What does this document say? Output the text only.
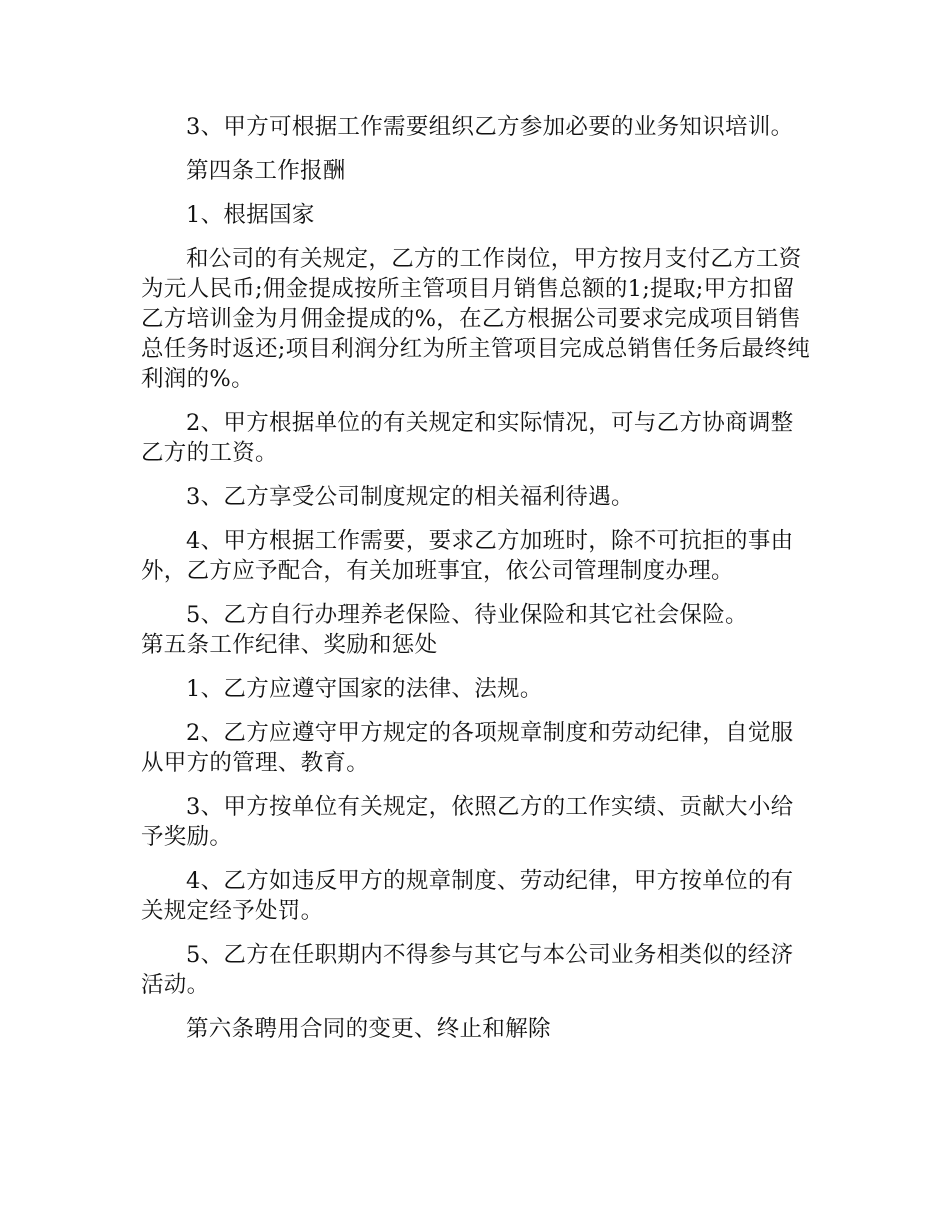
3、甲方可根据工作需要组织乙方参加必要的业务知识培训。

第四条工作报酬

1、根据国家

和公司的有关规定，乙方的工作岗位，甲方按月支付乙方工资为元人民币;佣金提成按所主管项目月销售总额的1;提取;甲方扣留乙方培训金为月佣金提成的%，在乙方根据公司要求完成项目销售总任务时返还;项目利润分红为所主管项目完成总销售任务后最终纯利润的%。

2、甲方根据单位的有关规定和实际情况，可与乙方协商调整乙方的工资。

3、乙方享受公司制度规定的相关福利待遇。

4、甲方根据工作需要，要求乙方加班时，除不可抗拒的事由外，乙方应予配合，有关加班事宜，依公司管理制度办理。

5、乙方自行办理养老保险、待业保险和其它社会保险。

第五条工作纪律、奖励和惩处

1、乙方应遵守国家的法律、法规。

2、乙方应遵守甲方规定的各项规章制度和劳动纪律，自觉服从甲方的管理、教育。

3、甲方按单位有关规定，依照乙方的工作实绩、贡献大小给予奖励。

4、乙方如违反甲方的规章制度、劳动纪律，甲方按单位的有关规定经予处罚。

5、乙方在任职期内不得参与其它与本公司业务相类似的经济活动。

第六条聘用合同的变更、终止和解除
